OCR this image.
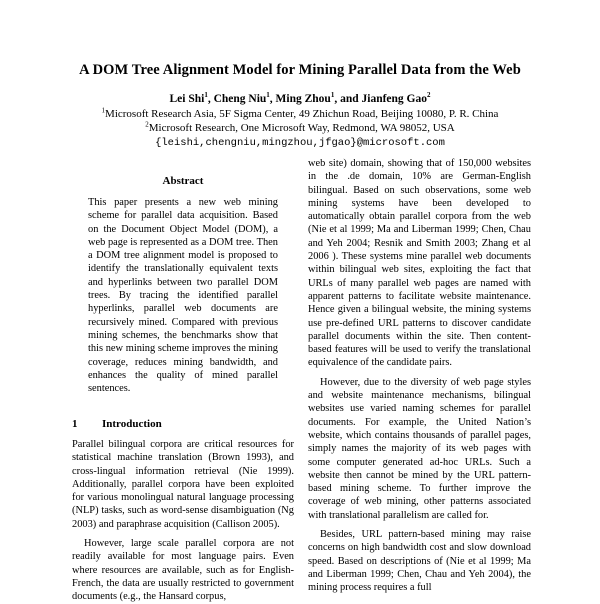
A DOM Tree Alignment Model for Mining Parallel Data from the Web
Lei Shi$^1$, Cheng Niu$^1$, Ming Zhou$^1$, and Jianfeng Gao$^2$
$^1$Microsoft Research Asia, 5F Sigma Center, 49 Zhichun Road, Beijing 10080, P. R. China
$^2$Microsoft Research, One Microsoft Way, Redmond, WA 98052, USA
{leishi,chengniu,mingzhou,jfgao}@microsoft.com
Abstract

This paper presents a new web mining scheme for parallel data acquisition. Based on the Document Object Model (DOM), a web page is represented as a DOM tree. Then a DOM tree alignment model is proposed to identify the translationally equivalent texts and hyperlinks between two parallel DOM trees. By tracing the identified parallel hyperlinks, parallel web documents are recursively mined. Compared with previous mining schemes, the benchmarks show that this new mining scheme improves the mining coverage, reduces mining bandwidth, and enhances the quality of mined parallel sentences.

1 Introduction

Parallel bilingual corpora are critical resources for statistical machine translation (Brown 1993), and cross-lingual information retrieval (Nie 1999). Additionally, parallel corpora have been exploited for various monolingual natural language processing (NLP) tasks, such as word-sense disambiguation (Ng 2003) and paraphrase acquisition (Callison 2005).

However, large scale parallel corpora are not readily available for most language pairs. Even where resources are available, such as for English-French, the data are usually restricted to government documents (e.g., the Hansard corpus,

web site) domain, showing that of 150,000 websites in the .de domain, 10% are German-English bilingual. Based on such observations, some web mining systems have been developed to automatically obtain parallel corpora from the web (Nie et al 1999; Ma and Liberman 1999; Chen, Chau and Yeh 2004; Resnik and Smith 2003; Zhang et al 2006 ). These systems mine parallel web documents within bilingual web sites, exploiting the fact that URLs of many parallel web pages are named with apparent patterns to facilitate website maintenance. Hence given a bilingual website, the mining systems use pre-defined URL patterns to discover candidate parallel documents within the site. Then content-based features will be used to verify the translational equivalence of the candidate pairs.

However, due to the diversity of web page styles and website maintenance mechanisms, bilingual websites use varied naming schemes for parallel documents. For example, the United Nation’s website, which contains thousands of parallel pages, simply names the majority of its web pages with some computer generated ad-hoc URLs. Such a website then cannot be mined by the URL pattern-based mining scheme. To further improve the coverage of web mining, other patterns associated with translational parallelism are called for.

Besides, URL pattern-based mining may raise concerns on high bandwidth cost and slow download speed. Based on descriptions of (Nie et al 1999; Ma and Liberman 1999; Chen, Chau and Yeh 2004), the mining process requires a full
